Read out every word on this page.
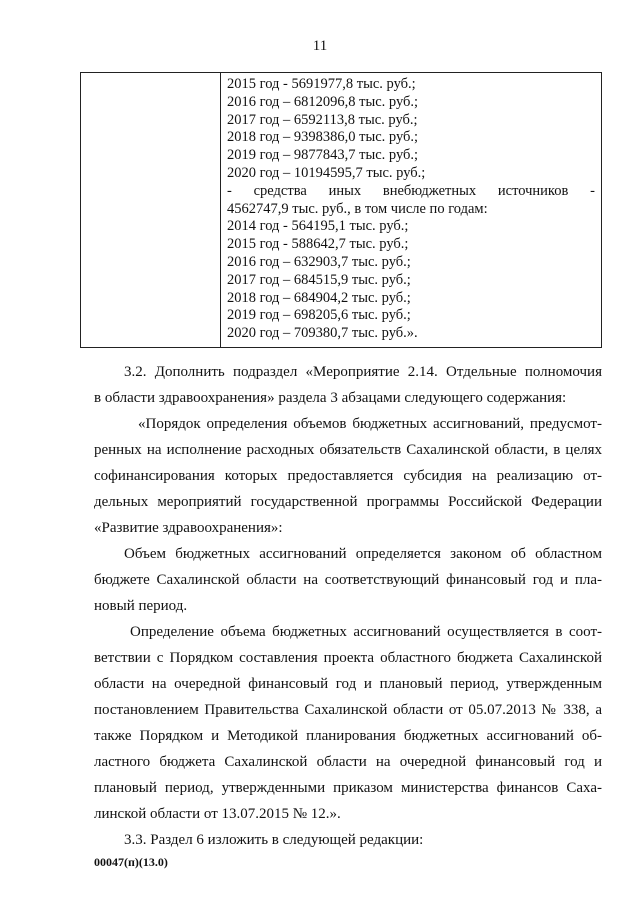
11
2015 год - 5691977,8 тыс. руб.;
2016 год – 6812096,8 тыс. руб.;
2017 год – 6592113,8 тыс. руб.;
2018 год – 9398386,0 тыс. руб.;
2019 год – 9877843,7 тыс. руб.;
2020 год – 10194595,7 тыс. руб.;
- средства иных внебюджетных источников -
4562747,9 тыс. руб., в том числе по годам:
2014 год - 564195,1 тыс. руб.;
2015 год - 588642,7 тыс. руб.;
2016 год – 632903,7 тыс. руб.;
2017 год – 684515,9 тыс. руб.;
2018 год – 684904,2 тыс. руб.;
2019 год – 698205,6 тыс. руб.;
2020 год – 709380,7 тыс. руб.».
3.2. Дополнить подраздел «Мероприятие 2.14. Отдельные полномочия
в области здравоохранения» раздела 3 абзацами следующего содержания:
«Порядок определения объемов бюджетных ассигнований, предусмот-
ренных на исполнение расходных обязательств Сахалинской области, в целях
софинансирования которых предоставляется субсидия на реализацию от-
дельных мероприятий государственной программы Российской Федерации
«Развитие здравоохранения»:
Объем бюджетных ассигнований определяется законом об областном
бюджете Сахалинской области на соответствующий финансовый год и пла-
новый период.
Определение объема бюджетных ассигнований осуществляется в соот-
ветствии с Порядком составления проекта областного бюджета Сахалинской
области на очередной финансовый год и плановый период, утвержденным
постановлением Правительства Сахалинской области от 05.07.2013 № 338, а
также Порядком и Методикой планирования бюджетных ассигнований об-
ластного бюджета Сахалинской области на очередной финансовый год и
плановый период, утвержденными приказом министерства финансов Саха-
линской области от 13.07.2015 № 12.».
3.3. Раздел 6 изложить в следующей редакции:
00047(п)(13.0)
